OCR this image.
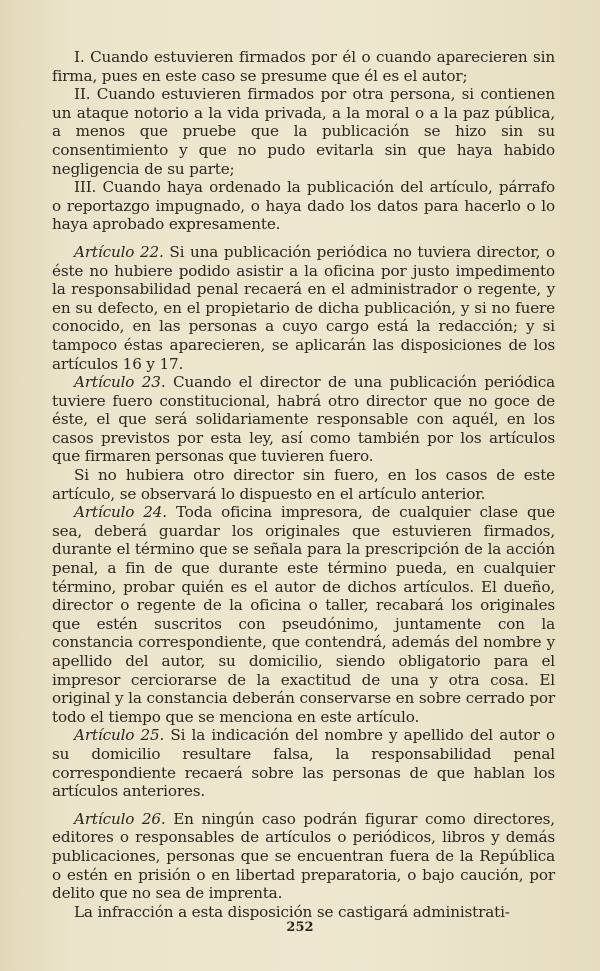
I. Cuando estuvieren firmados por él o cuando aparecieren sin firma, pues en este caso se presume que él es el autor;

II. Cuando estuvieren firmados por otra persona, si contienen un ataque notorio a la vida privada, a la moral o a la paz pública, a menos que pruebe que la publicación se hizo sin su consentimiento y que no pudo evitarla sin que haya habido negligencia de su parte;

III. Cuando haya ordenado la publicación del artículo, párrafo o reportazgo impugnado, o haya dado los datos para hacerlo o lo haya aprobado expresamente.

Artículo 22. Si una publicación periódica no tuviera director, o éste no hubiere podido asistir a la oficina por justo impedimento la responsabilidad penal recaerá en el administrador o regente, y en su defecto, en el propietario de dicha publicación, y si no fuere conocido, en las personas a cuyo cargo está la redacción; y si tampoco éstas aparecieren, se aplicarán las disposiciones de los artículos 16 y 17.

Artículo 23. Cuando el director de una publicación periódica tuviere fuero constitucional, habrá otro director que no goce de éste, el que será solidariamente responsable con aquél, en los casos previstos por esta ley, así como también por los artículos que firmaren personas que tuvieren fuero.

Si no hubiera otro director sin fuero, en los casos de este artículo, se observará lo dispuesto en el artículo anterior.

Artículo 24. Toda oficina impresora, de cualquier clase que sea, deberá guardar los originales que estuvieren firmados, durante el término que se señala para la prescripción de la acción penal, a fin de que durante este término pueda, en cualquier término, probar quién es el autor de dichos artículos. El dueño, director o regente de la oficina o taller, recabará los originales que estén suscritos con pseudónimo, juntamente con la constancia correspondiente, que contendrá, además del nombre y apellido del autor, su domicilio, siendo obligatorio para el impresor cerciorarse de la exactitud de una y otra cosa. El original y la constancia deberán conservarse en sobre cerrado por todo el tiempo que se menciona en este artículo.

Artículo 25. Si la indicación del nombre y apellido del autor o su domicilio resultare falsa, la responsabilidad penal correspondiente recaerá sobre las personas de que hablan los artículos anteriores.

Artículo 26. En ningún caso podrán figurar como directores, editores o responsables de artículos o periódicos, libros y demás publicaciones, personas que se encuentran fuera de la República o estén en prisión o en libertad preparatoria, o bajo caución, por delito que no sea de imprenta.

La infracción a esta disposición se castigará administrati-

252
